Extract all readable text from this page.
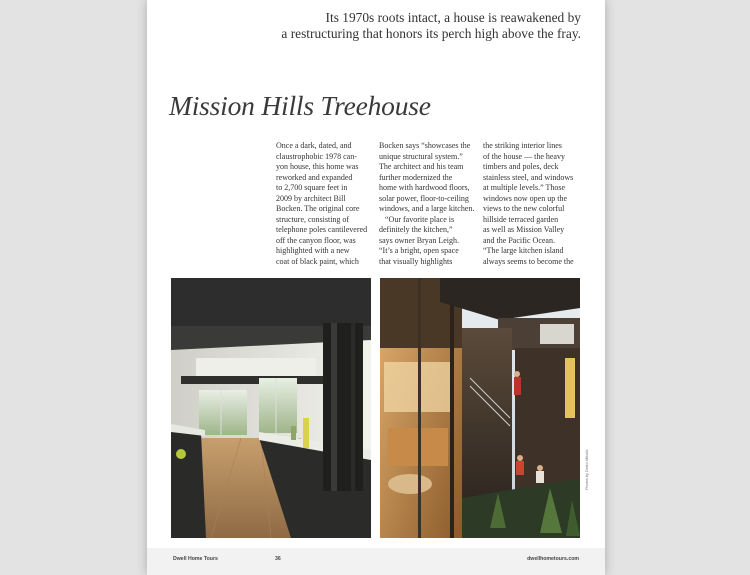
Its 1970s roots intact, a house is reawakened by
a restructuring that honors its perch high above the fray.
Mission Hills Treehouse

Once a dark, dated, and

claustrophobic 1978 can-

yon house, this home was

reworked and expanded

to 2,700 square feet in

2009 by architect Bill

Bocken. The original core

structure, consisting of

telephone poles cantilevered

off the canyon floor, was

highlighted with a new

coat of black paint, which

Bocken says “showcases the

unique structural system.”

The architect and his team

further modernized the

home with hardwood floors,

solar power, floor-to-ceiling

windows, and a large kitchen.

“Our favorite place is

definitely the kitchen,”

says owner Bryan Leigh.

“It’s a bright, open space

that visually highlights

the striking interior lines

of the house — the heavy

timbers and poles, deck

stainless steel, and windows

at multiple levels.” Those

windows now open up the

views to the new colorful

hillside terraced garden

as well as Mission Valley

and the Pacific Ocean.

“The large kitchen island

always seems to become the

Photos by Darko Mikulic
Dwell Home Tours	36	dwellhometours.com
